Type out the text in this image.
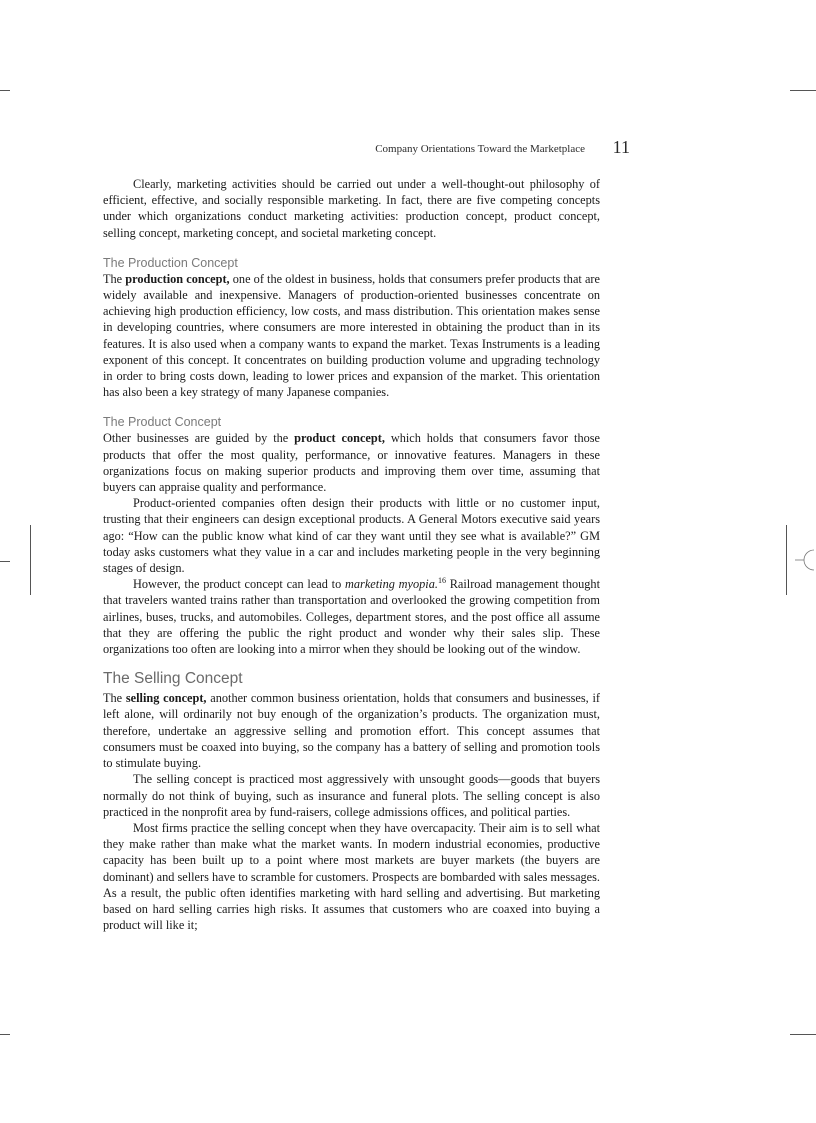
Company Orientations Toward the Marketplace 11

Clearly, marketing activities should be carried out under a well-thought-out philosophy of efficient, effective, and socially responsible marketing. In fact, there are five competing concepts under which organizations conduct marketing activities: production concept, product concept, selling concept, marketing concept, and societal marketing concept.

The Production Concept

The production concept, one of the oldest in business, holds that consumers prefer products that are widely available and inexpensive. Managers of production-oriented businesses concentrate on achieving high production efficiency, low costs, and mass distribution. This orientation makes sense in developing countries, where consumers are more interested in obtaining the product than in its features. It is also used when a company wants to expand the market. Texas Instruments is a leading exponent of this concept. It concentrates on building production volume and upgrading technology in order to bring costs down, leading to lower prices and expansion of the market. This orientation has also been a key strategy of many Japanese companies.

The Product Concept

Other businesses are guided by the product concept, which holds that consumers favor those products that offer the most quality, performance, or innovative features. Managers in these organizations focus on making superior products and improving them over time, assuming that buyers can appraise quality and performance.

Product-oriented companies often design their products with little or no customer input, trusting that their engineers can design exceptional products. A General Motors executive said years ago: “How can the public know what kind of car they want until they see what is available?” GM today asks customers what they value in a car and includes marketing people in the very beginning stages of design.

However, the product concept can lead to marketing myopia.$^{16}$ Railroad management thought that travelers wanted trains rather than transportation and overlooked the growing competition from airlines, buses, trucks, and automobiles. Colleges, department stores, and the post office all assume that they are offering the public the right product and wonder why their sales slip. These organizations too often are looking into a mirror when they should be looking out of the window.

The Selling Concept

The selling concept, another common business orientation, holds that consumers and businesses, if left alone, will ordinarily not buy enough of the organization’s products. The organization must, therefore, undertake an aggressive selling and promotion effort. This concept assumes that consumers must be coaxed into buying, so the company has a battery of selling and promotion tools to stimulate buying.

The selling concept is practiced most aggressively with unsought goods—goods that buyers normally do not think of buying, such as insurance and funeral plots. The selling concept is also practiced in the nonprofit area by fund-raisers, college admissions offices, and political parties.

Most firms practice the selling concept when they have overcapacity. Their aim is to sell what they make rather than make what the market wants. In modern industrial economies, productive capacity has been built up to a point where most markets are buyer markets (the buyers are dominant) and sellers have to scramble for customers. Prospects are bombarded with sales messages. As a result, the public often identifies marketing with hard selling and advertising. But marketing based on hard selling carries high risks. It assumes that customers who are coaxed into buying a product will like it;
